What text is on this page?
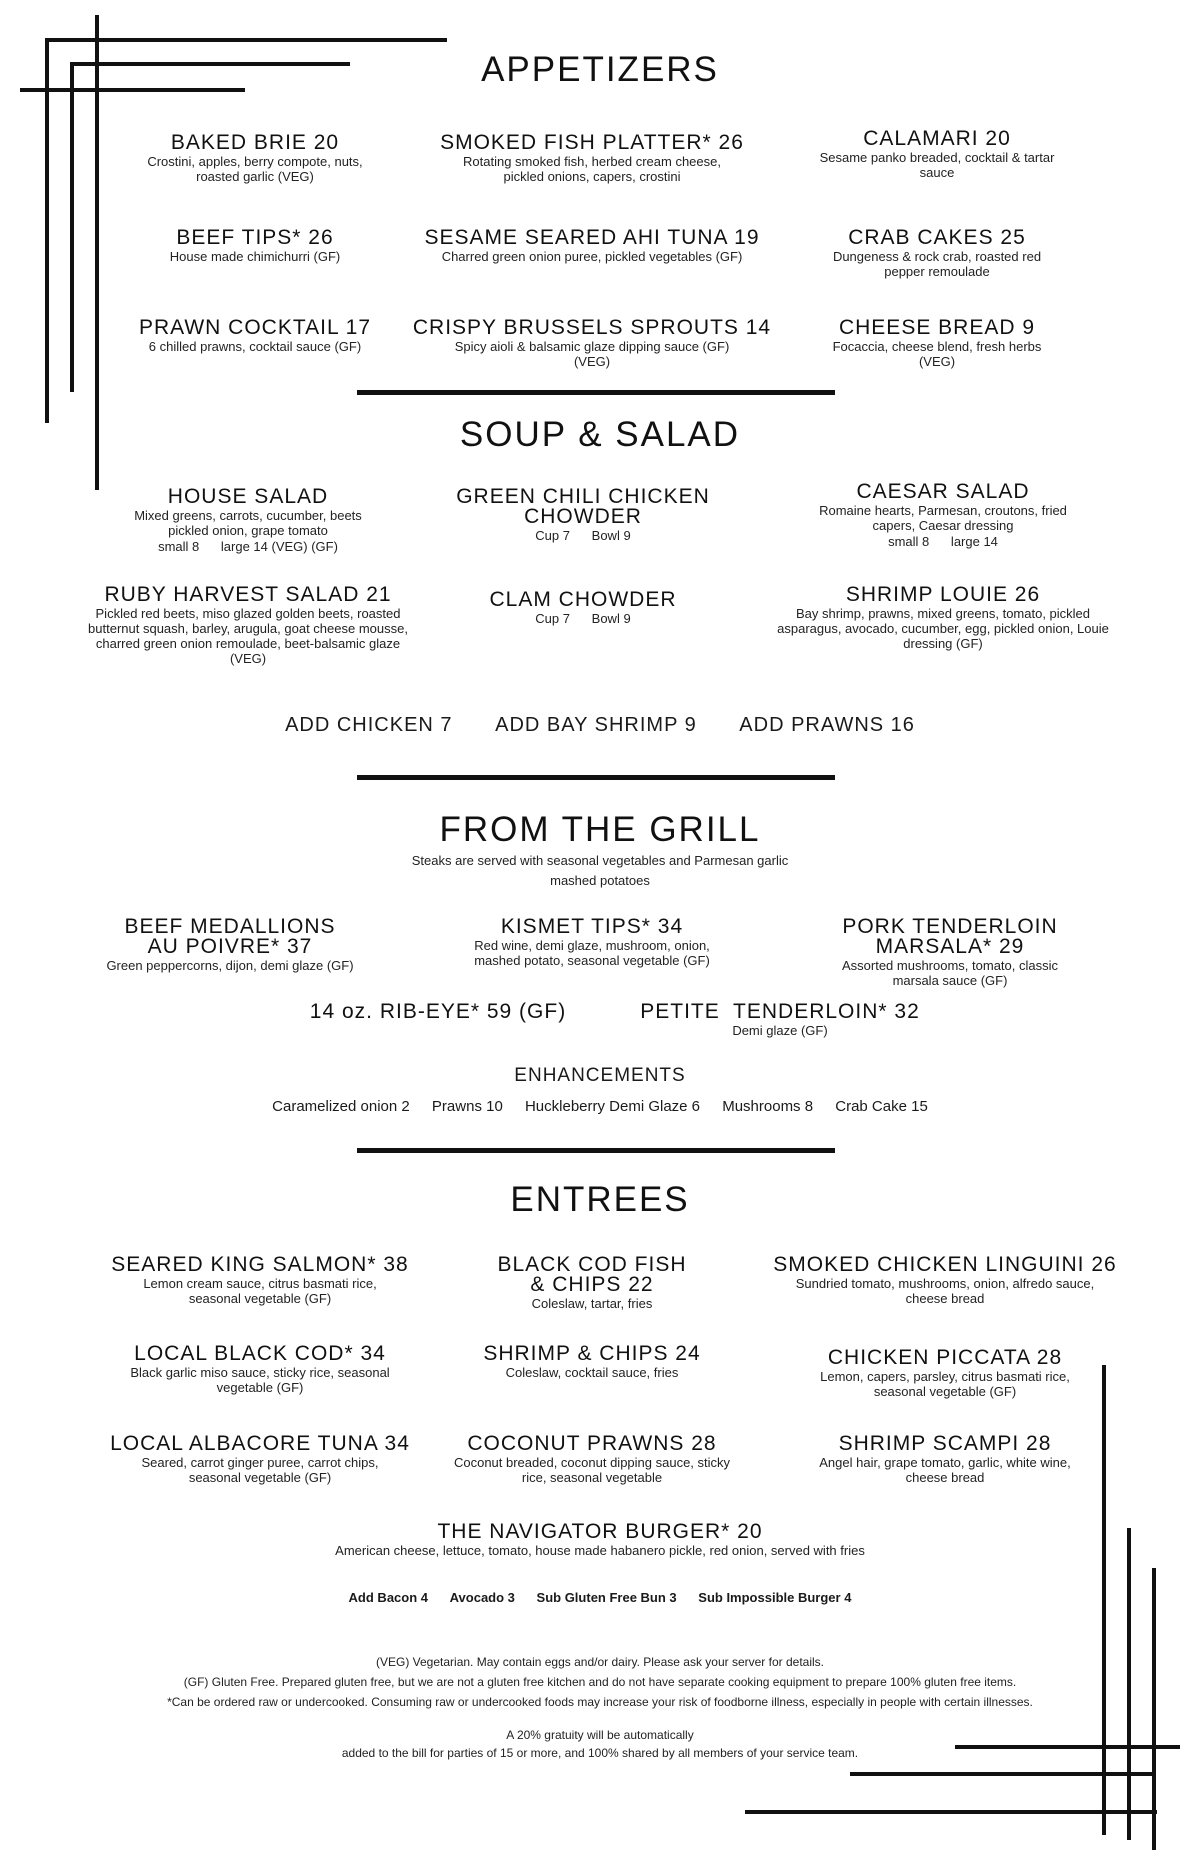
APPETIZERS
BAKED BRIE 20
Crostini, apples, berry compote, nuts, roasted garlic (VEG)
SMOKED FISH PLATTER* 26
Rotating smoked fish, herbed cream cheese, pickled onions, capers, crostini
CALAMARI 20
Sesame panko breaded, cocktail & tartar sauce
BEEF TIPS* 26
House made chimichurri (GF)
SESAME SEARED AHI TUNA 19
Charred green onion puree, pickled vegetables (GF)
CRAB CAKES 25
Dungeness & rock crab, roasted red pepper remoulade
PRAWN COCKTAIL 17
6 chilled prawns, cocktail sauce (GF)
CRISPY BRUSSELS SPROUTS 14
Spicy aioli & balsamic glaze dipping sauce (GF) (VEG)
CHEESE BREAD 9
Focaccia, cheese blend, fresh herbs (VEG)
SOUP & SALAD
HOUSE SALAD
Mixed greens, carrots, cucumber, beets pickled onion, grape tomato
small 8      large 14 (VEG) (GF)
GREEN CHILI CHICKEN CHOWDER
Cup 7      Bowl 9
CAESAR SALAD
Romaine hearts, Parmesan, croutons, fried capers, Caesar dressing
small 8      large 14
RUBY HARVEST SALAD 21
Pickled red beets, miso glazed golden beets, roasted butternut squash, barley, arugula, goat cheese mousse, charred green onion remoulade, beet-balsamic glaze (VEG)
CLAM CHOWDER
Cup 7      Bowl 9
SHRIMP LOUIE 26
Bay shrimp, prawns, mixed greens, tomato, pickled asparagus, avocado, cucumber, egg, pickled onion, Louie dressing (GF)
ADD CHICKEN 7 ADD BAY SHRIMP 9 ADD PRAWNS 16
FROM THE GRILL
Steaks are served with seasonal vegetables and Parmesan garlic
mashed potatoes
BEEF MEDALLIONS AU POIVRE* 37
Green peppercorns, dijon, demi glaze (GF)
KISMET TIPS* 34
Red wine, demi glaze, mushroom, onion, mashed potato, seasonal vegetable (GF)
PORK TENDERLOIN MARSALA* 29
Assorted mushrooms, tomato, classic marsala sauce (GF)
14 oz. RIB-EYE* 59 (GF)	PETITE  TENDERLOIN* 32
Demi glaze (GF)
ENHANCEMENTS
Caramelized onion 2 Prawns 10 Huckleberry Demi Glaze 6 Mushrooms 8 Crab Cake 15
ENTREES
SEARED KING SALMON* 38
Lemon cream sauce, citrus basmati rice, seasonal vegetable (GF)
BLACK COD FISH & CHIPS 22
Coleslaw, tartar, fries
SMOKED CHICKEN LINGUINI 26
Sundried tomato, mushrooms, onion, alfredo sauce, cheese bread
LOCAL BLACK COD* 34
Black garlic miso sauce, sticky rice, seasonal vegetable (GF)
SHRIMP & CHIPS 24
Coleslaw, cocktail sauce, fries
CHICKEN PICCATA 28
Lemon, capers, parsley, citrus basmati rice, seasonal vegetable (GF)
LOCAL ALBACORE TUNA 34
Seared, carrot ginger puree, carrot chips, seasonal vegetable (GF)
COCONUT PRAWNS 28
Coconut breaded, coconut dipping sauce, sticky rice, seasonal vegetable
SHRIMP SCAMPI 28
Angel hair, grape tomato, garlic, white wine, cheese bread
THE NAVIGATOR BURGER* 20
American cheese, lettuce, tomato, house made habanero pickle, red onion, served with fries
Add Bacon 4 Avocado 3 Sub Gluten Free Bun 3 Sub Impossible Burger 4
(VEG) Vegetarian. May contain eggs and/or dairy. Please ask your server for details.
(GF) Gluten Free. Prepared gluten free, but we are not a gluten free kitchen and do not have separate cooking equipment to prepare 100% gluten free items.
*Can be ordered raw or undercooked. Consuming raw or undercooked foods may increase your risk of foodborne illness, especially in people with certain illnesses.
A 20% gratuity will be automatically
added to the bill for parties of 15 or more, and 100% shared by all members of your service team.
